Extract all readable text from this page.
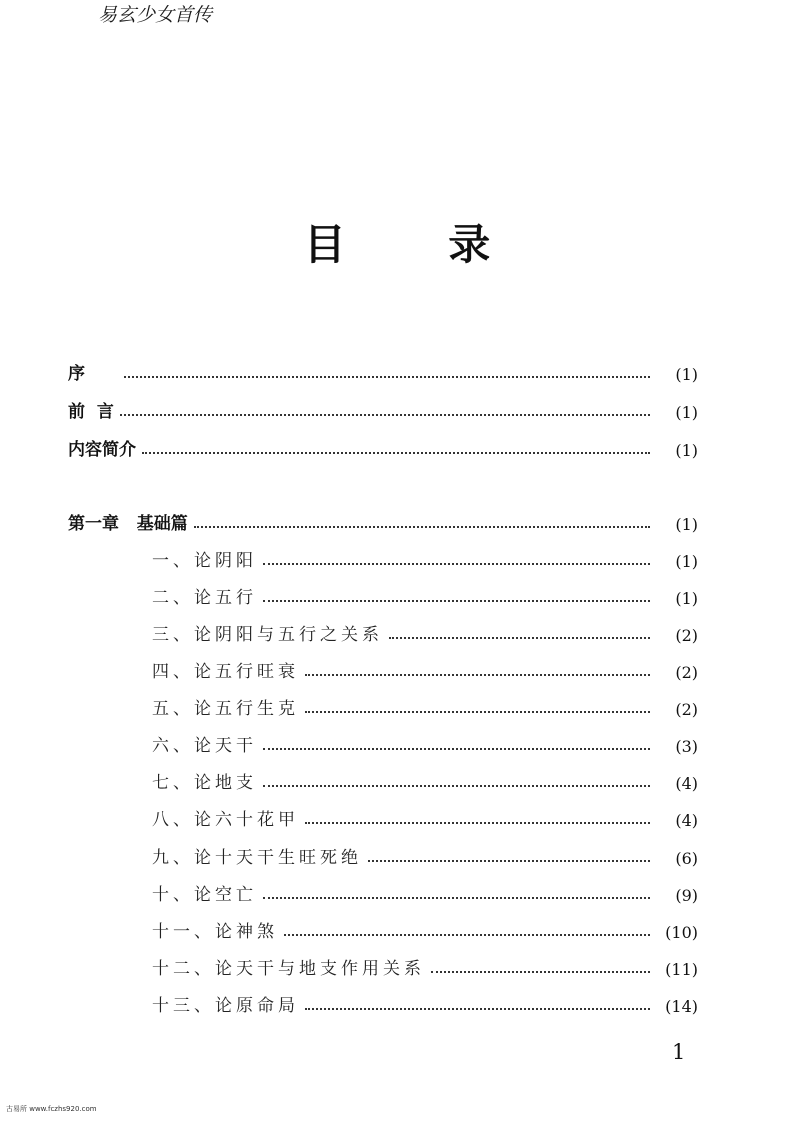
易玄少女首传
目 录
序	(1)
前  言	(1)
内容简介	(1)
第一章   基础篇	(1)
一、论阴阳	(1)
二、论五行	(1)
三、论阴阳与五行之关系	(2)
四、论五行旺衰	(2)
五、论五行生克	(2)
六、论天干	(3)
七、论地支	(4)
八、论六十花甲	(4)
九、论十天干生旺死绝	(6)
十、论空亡	(9)
十一、论神煞	(10)
十二、论天干与地支作用关系	(11)
十三、论原命局	(14)
1
古易所 www.fczhs920.com
